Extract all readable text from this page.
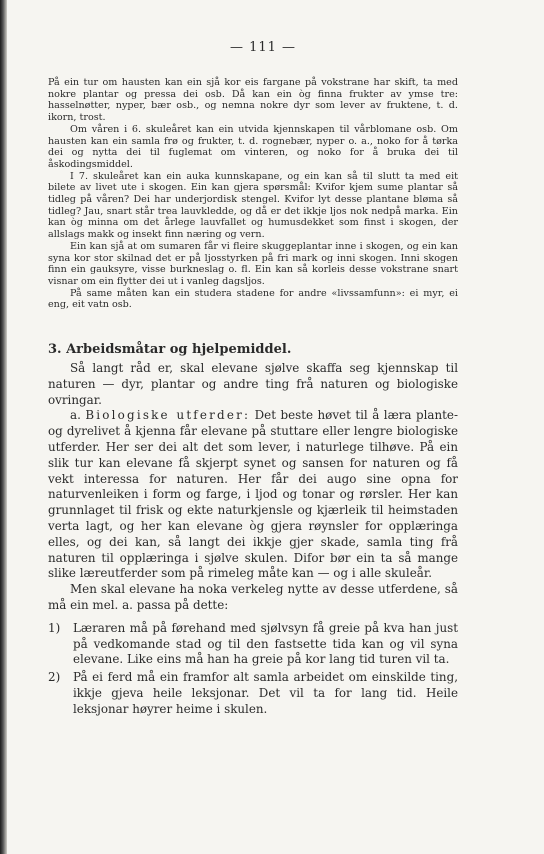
— 111 —

På ein tur om hausten kan ein sjå kor eis fargane på vokstrane har skift, ta med nokre plantar og pressa dei osb. Då kan ein òg finna frukter av ymse tre: hasselnøtter, nyper, bær osb., og nemna nokre dyr som lever av fruktene, t. d. ikorn, trost.

Om våren i 6. skuleåret kan ein utvida kjennskapen til vårblomane osb. Om hausten kan ein samla frø og frukter, t. d. rognebær, nyper o. a., noko for å tørka dei og nytta dei til fuglemat om vinteren, og noko for å bruka dei til åskodingsmiddel.

I 7. skuleåret kan ein auka kunnskapane, og ein kan så til slutt ta med eit bilete av livet ute i skogen. Ein kan gjera spørsmål: Kvifor kjem sume plantar så tidleg på våren? Dei har underjordisk stengel. Kvifor lyt desse plantane bløma så tidleg? Jau, snart står trea lauvkledde, og då er det ikkje ljos nok nedpå marka. Ein kan òg minna om det årlege lauvfallet og humusdekket som finst i skogen, der allslags makk og insekt finn næring og vern.

Ein kan sjå at om sumaren får vi fleire skuggeplantar inne i skogen, og ein kan syna kor stor skilnad det er på ljosstyrken på fri mark og inni skogen. Inni skogen finn ein gauksyre, visse burkneslag o. fl. Ein kan så korleis desse vokstrane snart visnar om ein flytter dei ut i vanleg dagsljos.

På same måten kan ein studera stadene for andre «livssamfunn»: ei myr, ei eng, eit vatn osb.

3. Arbeidsmåtar og hjelpemiddel.

Så langt råd er, skal elevane sjølve skaffa seg kjennskap til naturen — dyr, plantar og andre ting frå naturen og biologiske ovringar.

a. Biologiske utferder: Det beste høvet til å læra plante- og dyrelivet å kjenna får elevane på stuttare eller lengre biologiske utferder. Her ser dei alt det som lever, i naturlege tilhøve. På ein slik tur kan elevane få skjerpt synet og sansen for naturen og få vekt interessa for naturen. Her får dei augo sine opna for naturvenleiken i form og farge, i ljod og tonar og rørsler. Her kan grunnlaget til frisk og ekte naturkjensle og kjærleik til heimstaden verta lagt, og her kan elevane òg gjera røynsler for opplæringa elles, og dei kan, så langt dei ikkje gjer skade, samla ting frå naturen til opplæringa i sjølve skulen. Difor bør ein ta så mange slike læreutferder som på rimeleg måte kan — og i alle skuleår.

Men skal elevane ha noka verkeleg nytte av desse utferdene, så må ein mel. a. passa på dette:

1) Læraren må på førehand med sjølvsyn få greie på kva han just på vedkomande stad og til den fastsette tida kan og vil syna elevane. Like eins må han ha greie på kor lang tid turen vil ta.
2) På ei ferd må ein framfor alt samla arbeidet om einskilde ting, ikkje gjeva heile leksjonar. Det vil ta for lang tid. Heile leksjonar høyrer heime i skulen.
